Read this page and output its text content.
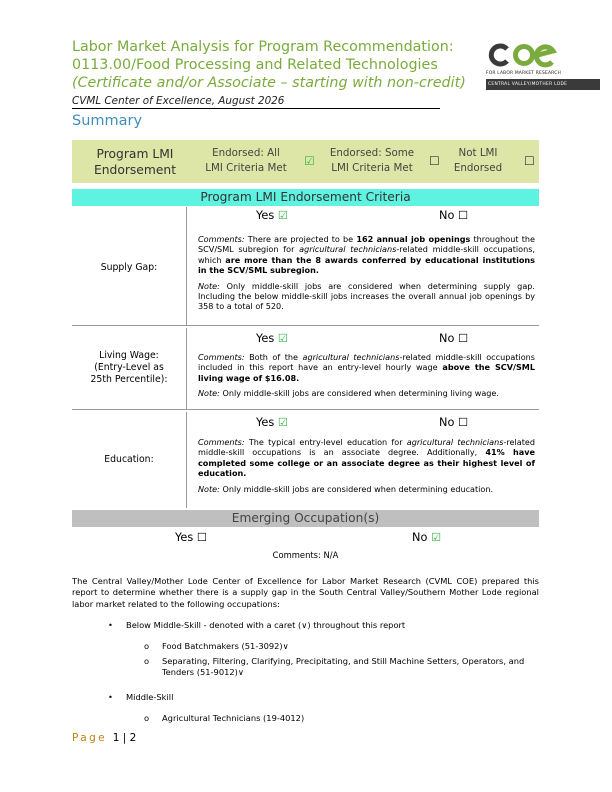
Labor Market Analysis for Program Recommendation:
0113.00/Food Processing and Related Technologies
(Certificate and/or Associate – starting with non-credit)
CVML Center of Excellence, August 2026
Summary
FOR LABOR MARKET RESEARCH
CENTRAL VALLEY/MOTHER LODE
Program LMI Endorsement
Endorsed: All LMI Criteria Met ☑
Endorsed: Some LMI Criteria Met	☐
Not LMI Endorsed ☐
Program LMI Endorsement Criteria
Supply Gap:
Yes ☑	No ☐

Comments: There are projected to be 162 annual job openings throughout the SCV/SML subregion for agricultural technicians-related middle-skill occupations, which are more than the 8 awards conferred by educational institutions in the SCV/SML subregion.

Note: Only middle-skill jobs are considered when determining supply gap. Including the below middle-skill jobs increases the overall annual job openings by 358 to a total of 520.

Living Wage:
(Entry-Level as
25th Percentile):
Yes ☑	No ☐

Comments: Both of the agricultural technicians-related middle-skill occupations included in this report have an entry-level hourly wage above the SCV/SML living wage of $16.08.

Note: Only middle-skill jobs are considered when determining living wage.

Education:
Yes ☑	No ☐

Comments: The typical entry-level education for agricultural technicians-related middle-skill occupations is an associate degree. Additionally, 41% have completed some college or an associate degree as their highest level of education.

Note: Only middle-skill jobs are considered when determining education.

Emerging Occupation(s)
Yes ☐	No ☑
Comments: N/A
The Central Valley/Mother Lode Center of Excellence for Labor Market Research (CVML COE) prepared this report to determine whether there is a supply gap in the South Central Valley/Southern Mother Lode regional labor market related to the following occupations:
• Below Middle-Skill - denoted with a caret (∨) throughout this report
o Food Batchmakers (51-3092)∨
o Separating, Filtering, Clarifying, Precipitating, and Still Machine Setters, Operators, and Tenders (51-9012)∨
• Middle-Skill
o Agricultural Technicians (19-4012)
Page 1 | 2
